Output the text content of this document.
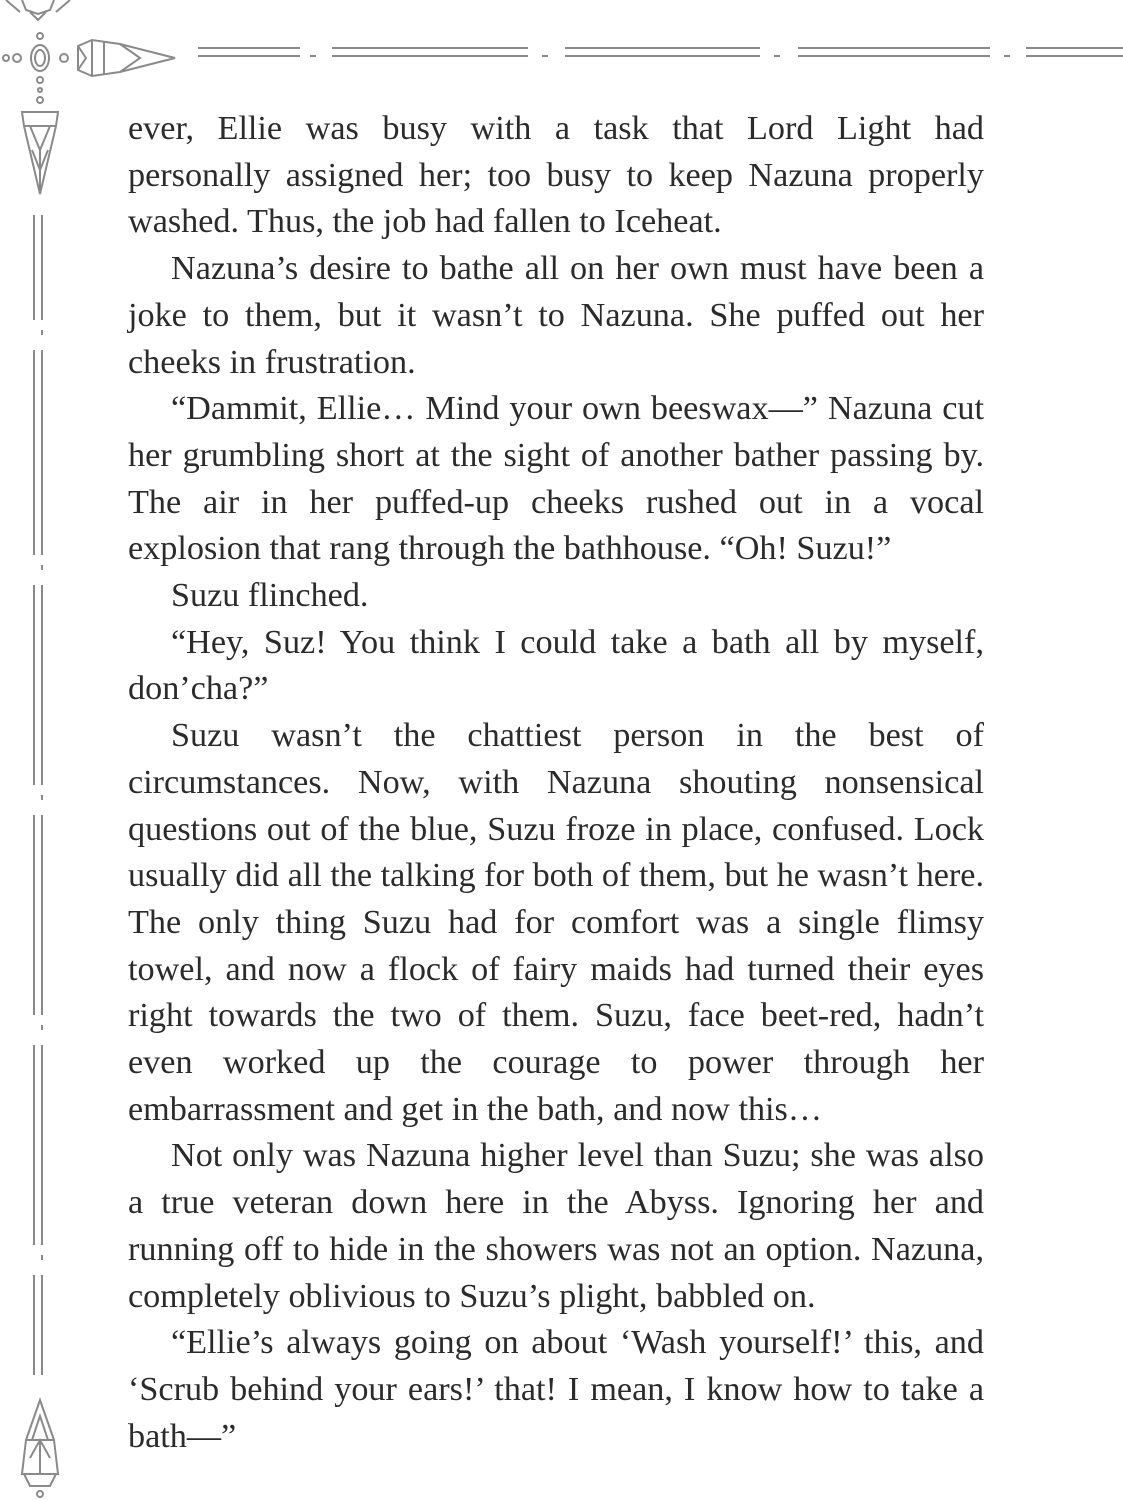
ever, Ellie was busy with a task that Lord Light had personally assigned her; too busy to keep Nazuna properly washed. Thus, the job had fallen to Iceheat.

Nazuna’s desire to bathe all on her own must have been a joke to them, but it wasn’t to Nazuna. She puffed out her cheeks in frustration.

“Dammit, Ellie… Mind your own beeswax—” Nazuna cut her grumbling short at the sight of another bather passing by. The air in her puffed-up cheeks rushed out in a vocal explosion that rang through the bathhouse. “Oh! Suzu!”

Suzu flinched.

“Hey, Suz! You think I could take a bath all by myself, don’cha?”

Suzu wasn’t the chattiest person in the best of circumstances. Now, with Nazuna shouting nonsensical questions out of the blue, Suzu froze in place, confused. Lock usually did all the talking for both of them, but he wasn’t here. The only thing Suzu had for comfort was a single flimsy towel, and now a flock of fairy maids had turned their eyes right towards the two of them. Suzu, face beet-red, hadn’t even worked up the courage to power through her embarrassment and get in the bath, and now this…

Not only was Nazuna higher level than Suzu; she was also a true veteran down here in the Abyss. Ignoring her and running off to hide in the showers was not an option. Nazuna, completely oblivious to Suzu’s plight, babbled on.

“Ellie’s always going on about ‘Wash yourself!’ this, and ‘Scrub behind your ears!’ that! I mean, I know how to take a bath—”
